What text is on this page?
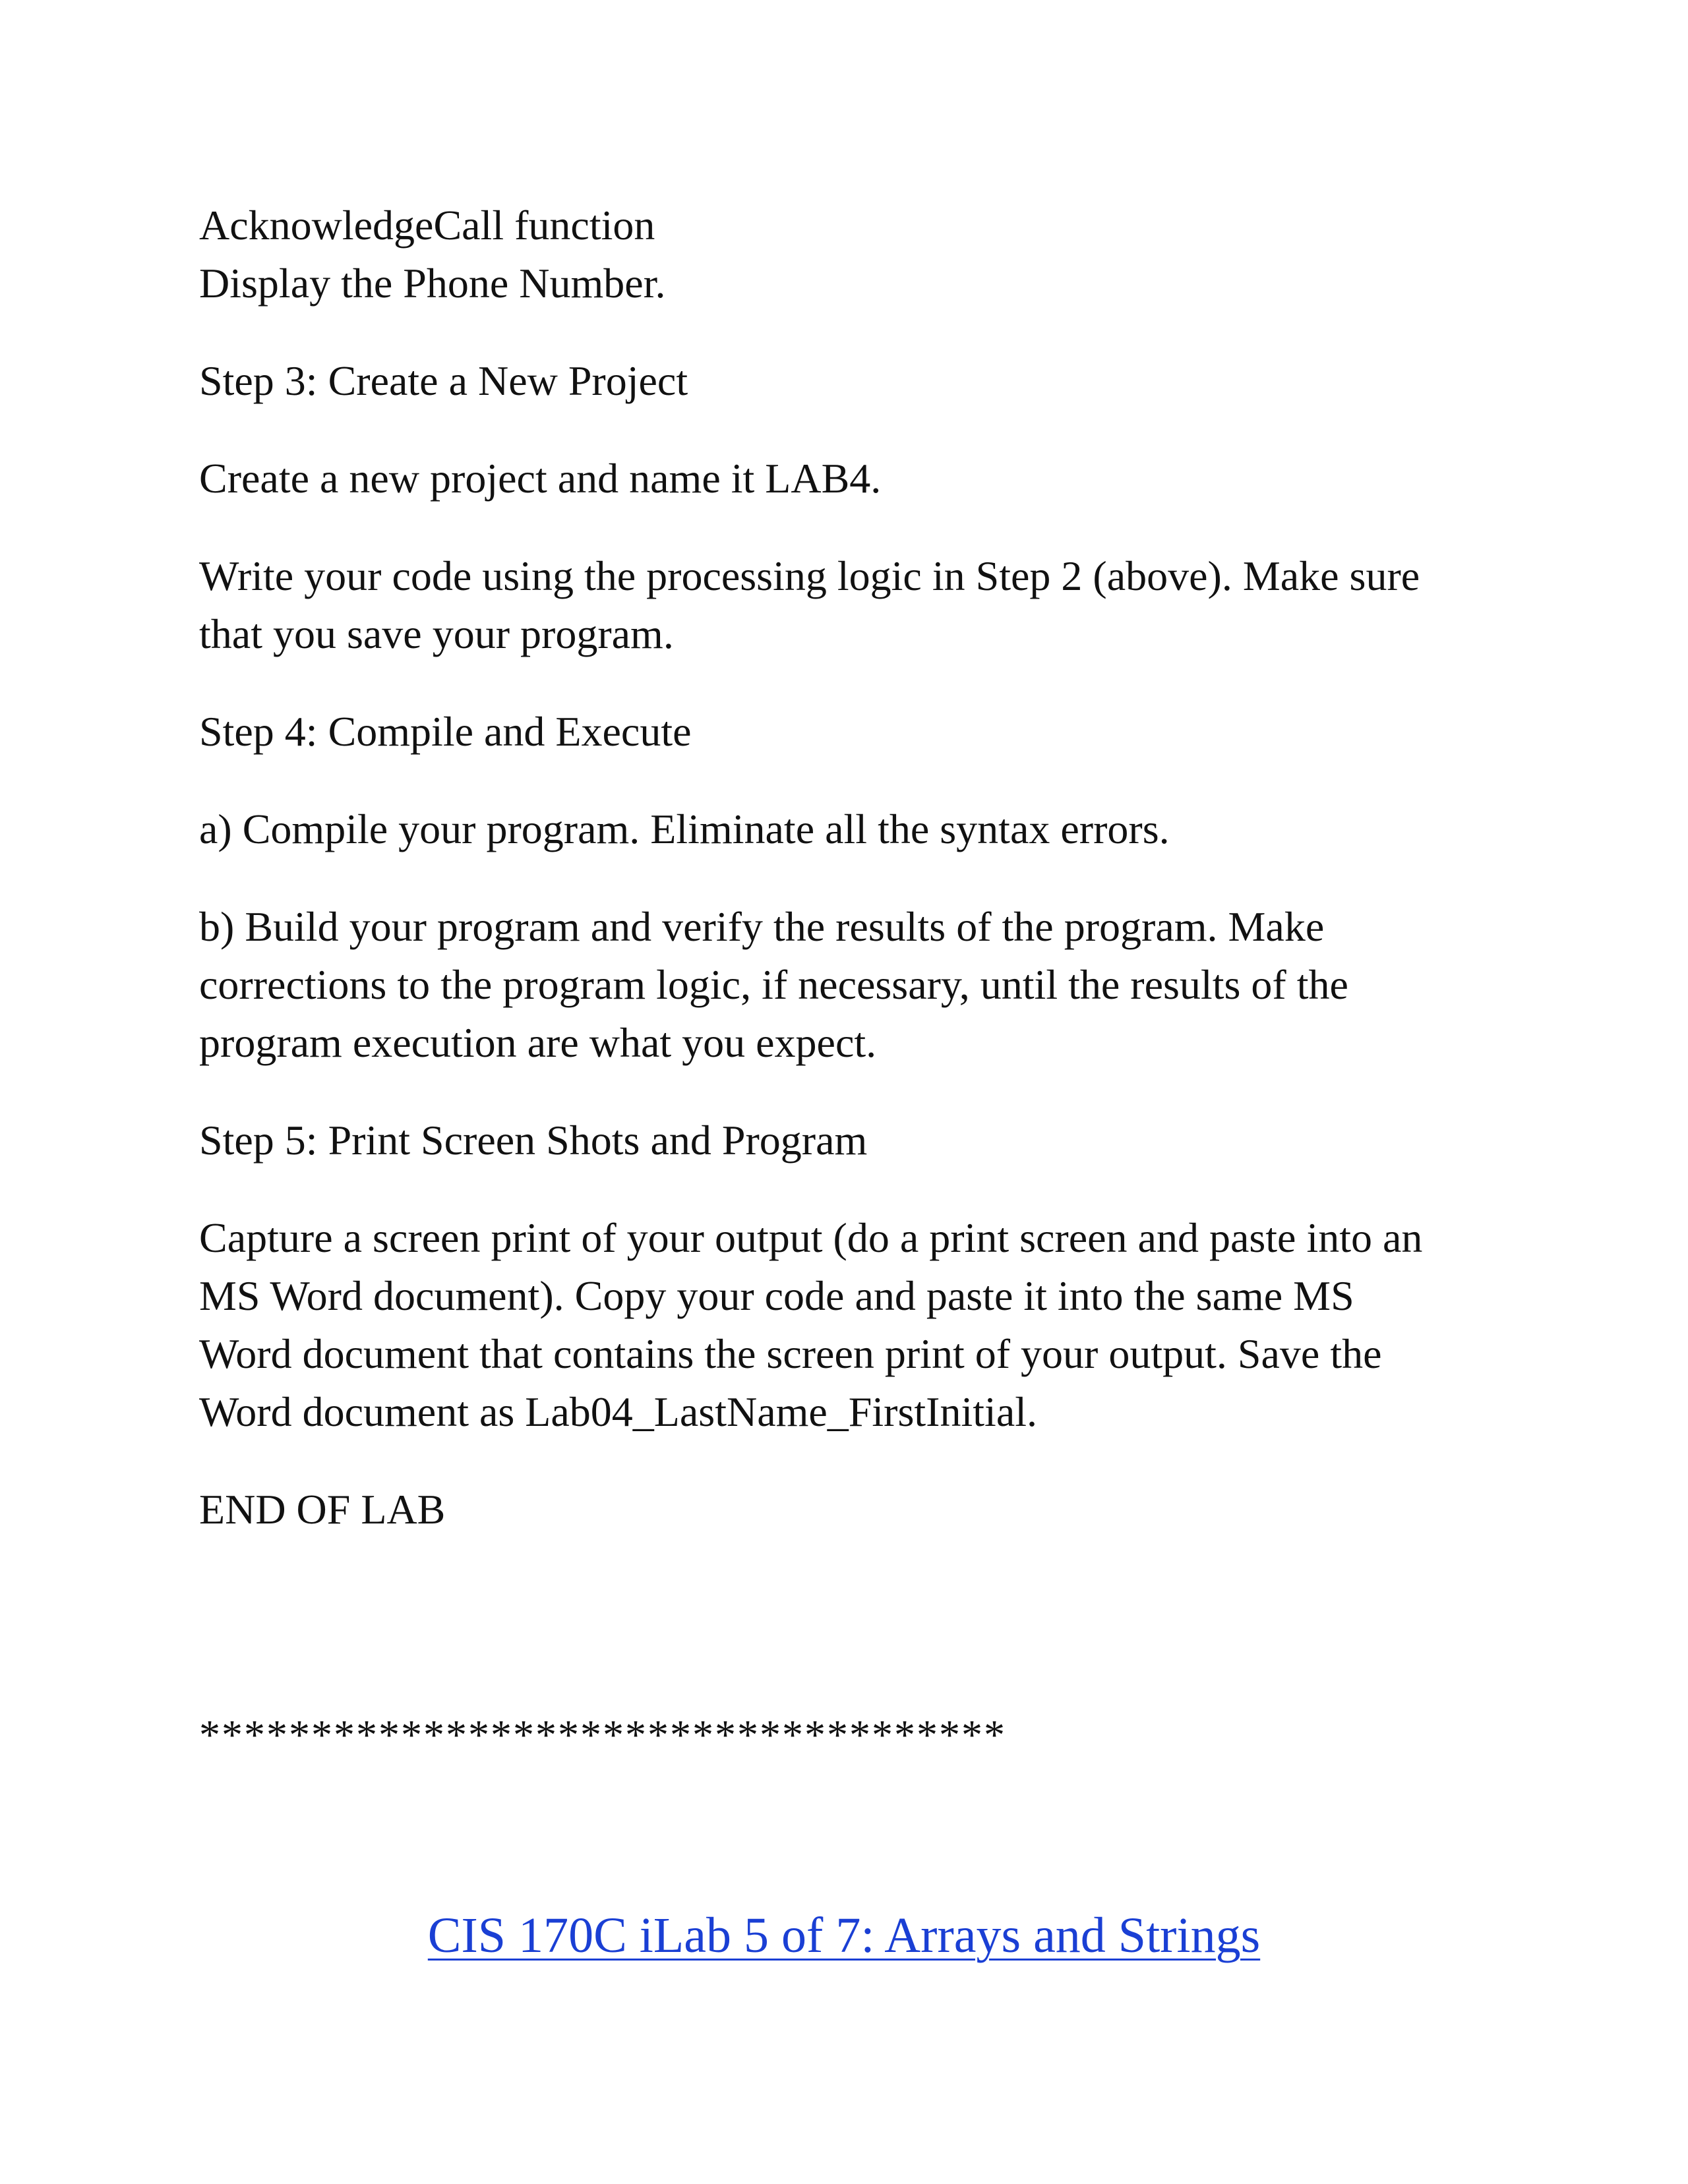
AcknowledgeCall function
Display the Phone Number.
Step 3: Create a New Project
Create a new project and name it LAB4.
Write your code using the processing logic in Step 2 (above). Make sure
that you save your program.
Step 4: Compile and Execute
a) Compile your program. Eliminate all the syntax errors.
b) Build your program and verify the results of the program. Make
corrections to the program logic, if necessary, until the results of the
program execution are what you expect.
Step 5: Print Screen Shots and Program
Capture a screen print of your output (do a print screen and paste into an
MS Word document). Copy your code and paste it into the same MS
Word document that contains the screen print of your output. Save the
Word document as Lab04_LastName_FirstInitial.
END OF LAB
************************************
CIS 170C iLab 5 of 7: Arrays and Strings
